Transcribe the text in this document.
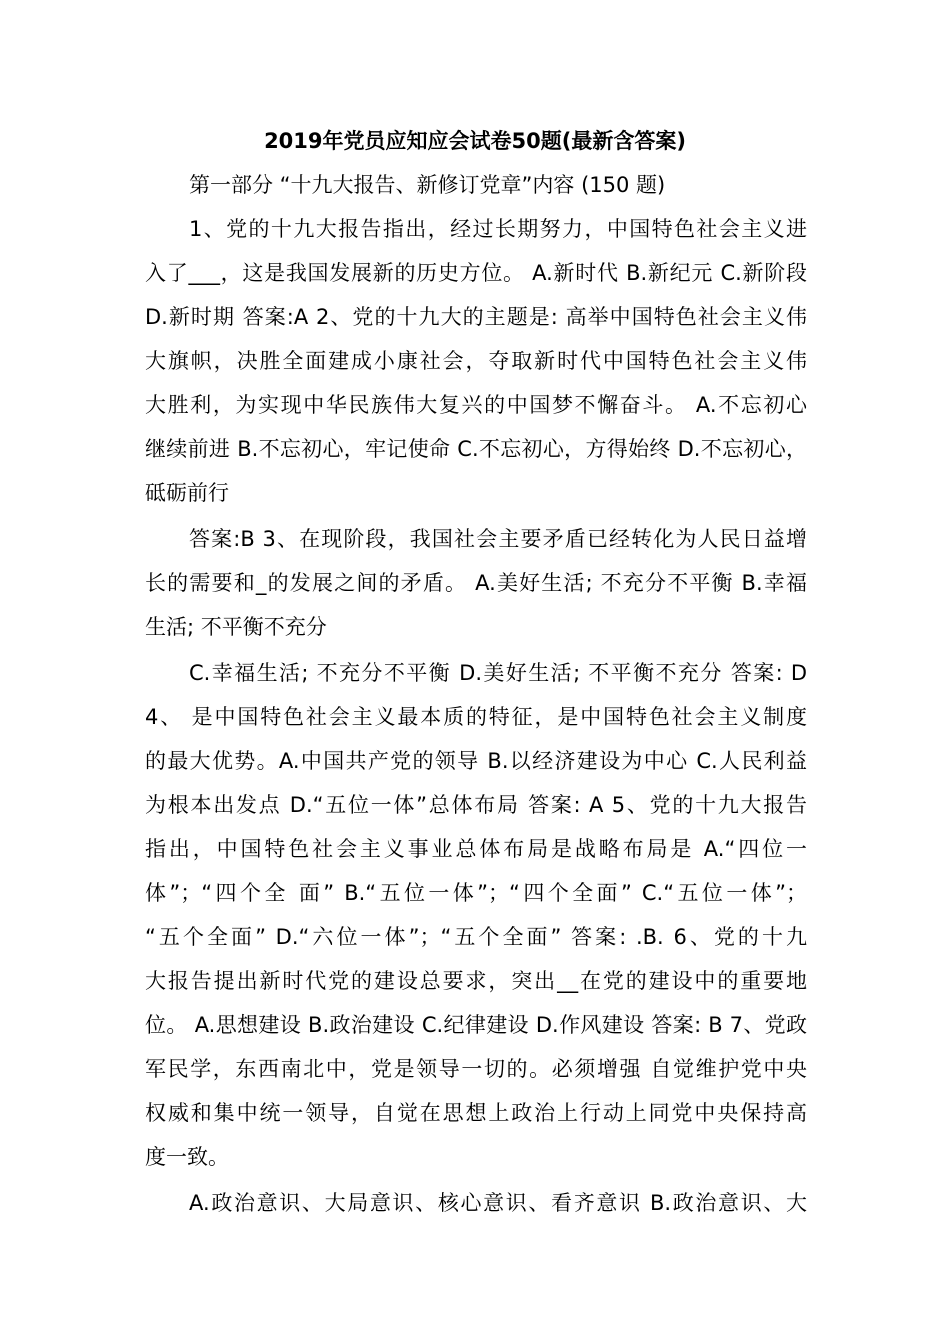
2019年党员应知应会试卷50题(最新含答案)
第一部分 “十九大报告、新修订党章”内容 (150 题)
1、党的十九大报告指出，经过长期努力，中国特色社会主义进
入了___，这是我国发展新的历史方位。 A.新时代 B.新纪元 C.新阶段
D.新时期 答案:A 2、党的十九大的主题是: 高举中国特色社会主义伟
大旗帜，决胜全面建成小康社会，夺取新时代中国特色社会主义伟
大胜利，为实现中华民族伟大复兴的中国梦不懈奋斗。 A.不忘初心
继续前进 B.不忘初心，牢记使命 C.不忘初心，方得始终 D.不忘初心，
砥砺前行
答案:B 3、在现阶段，我国社会主要矛盾已经转化为人民日益增
长的需要和_的发展之间的矛盾。 A.美好生活; 不充分不平衡 B.幸福
生活; 不平衡不充分
C.幸福生活; 不充分不平衡 D.美好生活; 不平衡不充分 答案: D
4、 是中国特色社会主义最本质的特征，是中国特色社会主义制度
的最大优势。A.中国共产党的领导 B.以经济建设为中心 C.人民利益
为根本出发点 D.“五位一体”总体布局 答案: A 5、党的十九大报告
指出，中国特色社会主义事业总体布局是战略布局是 A.“四位一
体”；“四个全 面” B.“五位一体”；“四个全面” C.“五位一体”；
“五个全面” D.“六位一体”；“五个全面” 答案: .B. 6、党的十九
大报告提出新时代党的建设总要求，突出__在党的建设中的重要地
位。 A.思想建设 B.政治建设 C.纪律建设 D.作风建设 答案: B 7、党政
军民学，东西南北中，党是领导一切的。必须增强 自觉维护党中央
权威和集中统一领导，自觉在思想上政治上行动上同党中央保持高
度一致。
A.政治意识、大局意识、核心意识、看齐意识 B.政治意识、大
